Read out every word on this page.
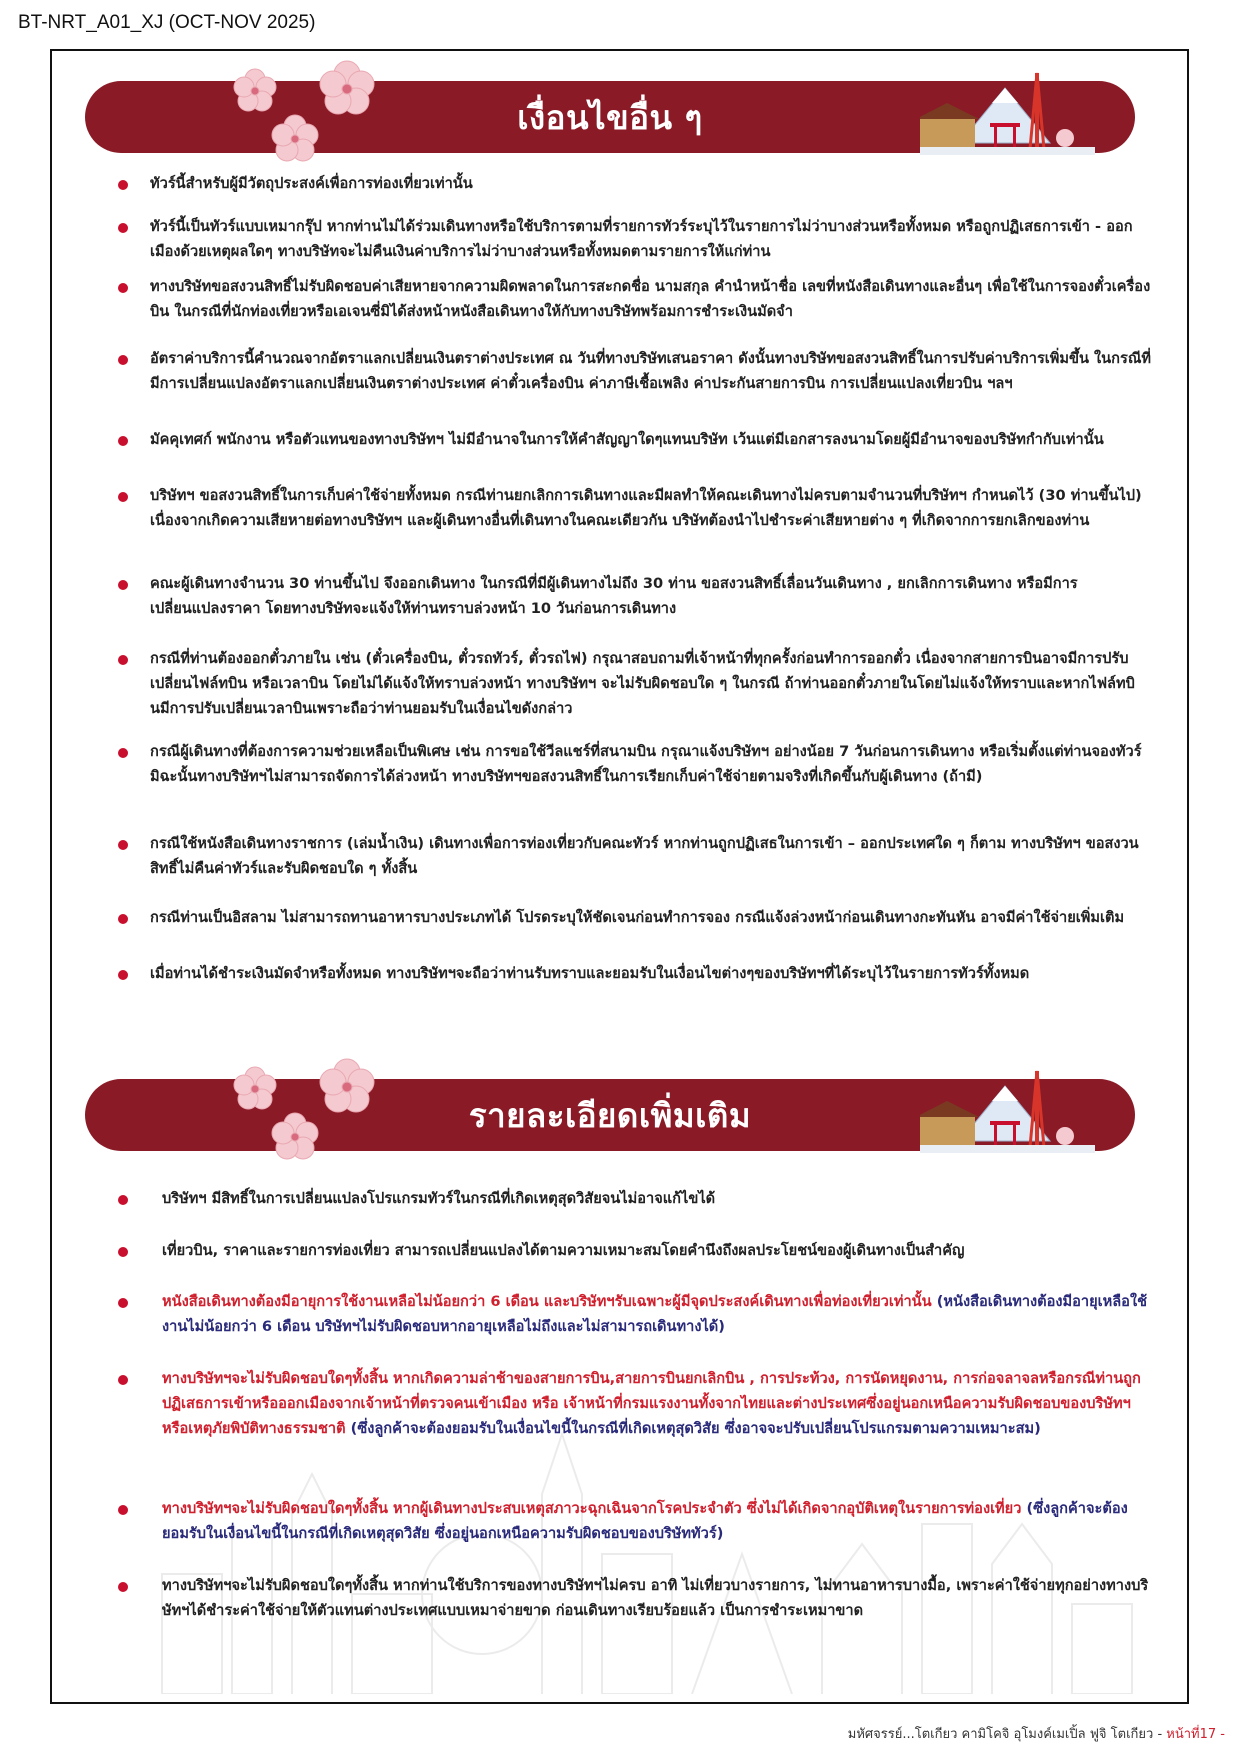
BT-NRT_A01_XJ (OCT-NOV 2025)
เงื่อนไขอื่น ๆ
ทัวร์นี้สำหรับผู้มีวัตถุประสงค์เพื่อการท่องเที่ยวเท่านั้น
ทัวร์นี้เป็นทัวร์แบบเหมากรุ๊ป หากท่านไม่ได้ร่วมเดินทางหรือใช้บริการตามที่รายการทัวร์ระบุไว้ในรายการไม่ว่าบางส่วนหรือทั้งหมด หรือถูกปฏิเสธการเข้า - ออกเมืองด้วยเหตุผลใดๆ ทางบริษัทจะไม่คืนเงินค่าบริการไม่ว่าบางส่วนหรือทั้งหมดตามรายการให้แก่ท่าน
ทางบริษัทขอสงวนสิทธิ์ไม่รับผิดชอบค่าเสียหายจากความผิดพลาดในการสะกดชื่อ นามสกุล คำนำหน้าชื่อ เลขที่หนังสือเดินทางและอื่นๆ เพื่อใช้ในการจองตั๋วเครื่องบิน ในกรณีที่นักท่องเที่ยวหรือเอเจนซี่มิได้ส่งหน้าหนังสือเดินทางให้กับทางบริษัทพร้อมการชำระเงินมัดจำ
อัตราค่าบริการนี้คำนวณจากอัตราแลกเปลี่ยนเงินตราต่างประเทศ ณ วันที่ทางบริษัทเสนอราคา ดังนั้นทางบริษัทขอสงวนสิทธิ์ในการปรับค่าบริการเพิ่มขึ้น ในกรณีที่มีการเปลี่ยนแปลงอัตราแลกเปลี่ยนเงินตราต่างประเทศ ค่าตั๋วเครื่องบิน ค่าภาษีเชื้อเพลิง ค่าประกันสายการบิน การเปลี่ยนแปลงเที่ยวบิน ฯลฯ
มัคคุเทศก์ พนักงาน หรือตัวแทนของทางบริษัทฯ ไม่มีอำนาจในการให้คำสัญญาใดๆแทนบริษัท เว้นแต่มีเอกสารลงนามโดยผู้มีอำนาจของบริษัทกำกับเท่านั้น
บริษัทฯ ขอสงวนสิทธิ์ในการเก็บค่าใช้จ่ายทั้งหมด กรณีท่านยกเลิกการเดินทางและมีผลทำให้คณะเดินทางไม่ครบตามจำนวนที่บริษัทฯ กำหนดไว้ (30 ท่านขึ้นไป) เนื่องจากเกิดความเสียหายต่อทางบริษัทฯ และผู้เดินทางอื่นที่เดินทางในคณะเดียวกัน บริษัทต้องนำไปชำระค่าเสียหายต่าง ๆ ที่เกิดจากการยกเลิกของท่าน
คณะผู้เดินทางจำนวน 30 ท่านขึ้นไป จึงออกเดินทาง ในกรณีที่มีผู้เดินทางไม่ถึง 30 ท่าน ขอสงวนสิทธิ์เลื่อนวันเดินทาง , ยกเลิกการเดินทาง หรือมีการเปลี่ยนแปลงราคา โดยทางบริษัทจะแจ้งให้ท่านทราบล่วงหน้า 10 วันก่อนการเดินทาง
กรณีที่ท่านต้องออกตั๋วภายใน เช่น (ตั๋วเครื่องบิน, ตั๋วรถทัวร์, ตั๋วรถไฟ) กรุณาสอบถามที่เจ้าหน้าที่ทุกครั้งก่อนทำการออกตั๋ว เนื่องจากสายการบินอาจมีการปรับเปลี่ยนไฟล์ทบิน หรือเวลาบิน โดยไม่ได้แจ้งให้ทราบล่วงหน้า ทางบริษัทฯ จะไม่รับผิดชอบใด ๆ ในกรณี ถ้าท่านออกตั๋วภายในโดยไม่แจ้งให้ทราบและหากไฟล์ทบินมีการปรับเปลี่ยนเวลาบินเพราะถือว่าท่านยอมรับในเงื่อนไขดังกล่าว
กรณีผู้เดินทางที่ต้องการความช่วยเหลือเป็นพิเศษ เช่น การขอใช้วีลแชร์ที่สนามบิน กรุณาแจ้งบริษัทฯ อย่างน้อย 7 วันก่อนการเดินทาง หรือเริ่มตั้งแต่ท่านจองทัวร์ มิฉะนั้นทางบริษัทฯไม่สามารถจัดการได้ล่วงหน้า ทางบริษัทฯขอสงวนสิทธิ์ในการเรียกเก็บค่าใช้จ่ายตามจริงที่เกิดขึ้นกับผู้เดินทาง (ถ้ามี)
กรณีใช้หนังสือเดินทางราชการ (เล่มน้ำเงิน) เดินทางเพื่อการท่องเที่ยวกับคณะทัวร์ หากท่านถูกปฏิเสธในการเข้า – ออกประเทศใด ๆ ก็ตาม ทางบริษัทฯ ขอสงวนสิทธิ์ไม่คืนค่าทัวร์และรับผิดชอบใด ๆ ทั้งสิ้น
กรณีท่านเป็นอิสลาม ไม่สามารถทานอาหารบางประเภทได้ โปรดระบุให้ชัดเจนก่อนทำการจอง กรณีแจ้งล่วงหน้าก่อนเดินทางกะทันหัน อาจมีค่าใช้จ่ายเพิ่มเติม
เมื่อท่านได้ชำระเงินมัดจำหรือทั้งหมด ทางบริษัทฯจะถือว่าท่านรับทราบและยอมรับในเงื่อนไขต่างๆของบริษัทฯที่ได้ระบุไว้ในรายการทัวร์ทั้งหมด
รายละเอียดเพิ่มเติม
บริษัทฯ มีสิทธิ์ในการเปลี่ยนแปลงโปรแกรมทัวร์ในกรณีที่เกิดเหตุสุดวิสัยจนไม่อาจแก้ไขได้
เที่ยวบิน, ราคาและรายการท่องเที่ยว สามารถเปลี่ยนแปลงได้ตามความเหมาะสมโดยคำนึงถึงผลประโยชน์ของผู้เดินทางเป็นสำคัญ
หนังสือเดินทางต้องมีอายุการใช้งานเหลือไม่น้อยกว่า 6 เดือน และบริษัทฯรับเฉพาะผู้มีจุดประสงค์เดินทางเพื่อท่องเที่ยวเท่านั้น (หนังสือเดินทางต้องมีอายุเหลือใช้งานไม่น้อยกว่า 6 เดือน บริษัทฯไม่รับผิดชอบหากอายุเหลือไม่ถึงและไม่สามารถเดินทางได้)
ทางบริษัทฯจะไม่รับผิดชอบใดๆทั้งสิ้น หากเกิดความล่าช้าของสายการบิน,สายการบินยกเลิกบิน , การประท้วง, การนัดหยุดงาน, การก่อจลาจลหรือกรณีท่านถูกปฏิเสธการเข้าหรือออกเมืองจากเจ้าหน้าที่ตรวจคนเข้าเมือง หรือ เจ้าหน้าที่กรมแรงงานทั้งจากไทยและต่างประเทศซึ่งอยู่นอกเหนือความรับผิดชอบของบริษัทฯหรือเหตุภัยพิบัติทางธรรมชาติ (ซึ่งลูกค้าจะต้องยอมรับในเงื่อนไขนี้ในกรณีที่เกิดเหตุสุดวิสัย ซึ่งอาจจะปรับเปลี่ยนโปรแกรมตามความเหมาะสม)
ทางบริษัทฯจะไม่รับผิดชอบใดๆทั้งสิ้น หากผู้เดินทางประสบเหตุสภาวะฉุกเฉินจากโรคประจำตัว ซึ่งไม่ได้เกิดจากอุบัติเหตุในรายการท่องเที่ยว (ซึ่งลูกค้าจะต้องยอมรับในเงื่อนไขนี้ในกรณีที่เกิดเหตุสุดวิสัย ซึ่งอยู่นอกเหนือความรับผิดชอบของบริษัททัวร์)
ทางบริษัทฯจะไม่รับผิดชอบใดๆทั้งสิ้น หากท่านใช้บริการของทางบริษัทฯไม่ครบ อาทิ ไม่เที่ยวบางรายการ, ไม่ทานอาหารบางมื้อ, เพราะค่าใช้จ่ายทุกอย่างทางบริษัทฯได้ชำระค่าใช้จ่ายให้ตัวแทนต่างประเทศแบบเหมาจ่ายขาด ก่อนเดินทางเรียบร้อยแล้ว เป็นการชำระเหมาขาด
มหัศจรรย์...โตเกียว คามิโคจิ อุโมงค์เมเปิ้ล ฟูจิ โตเกียว - หน้าที่17 -
